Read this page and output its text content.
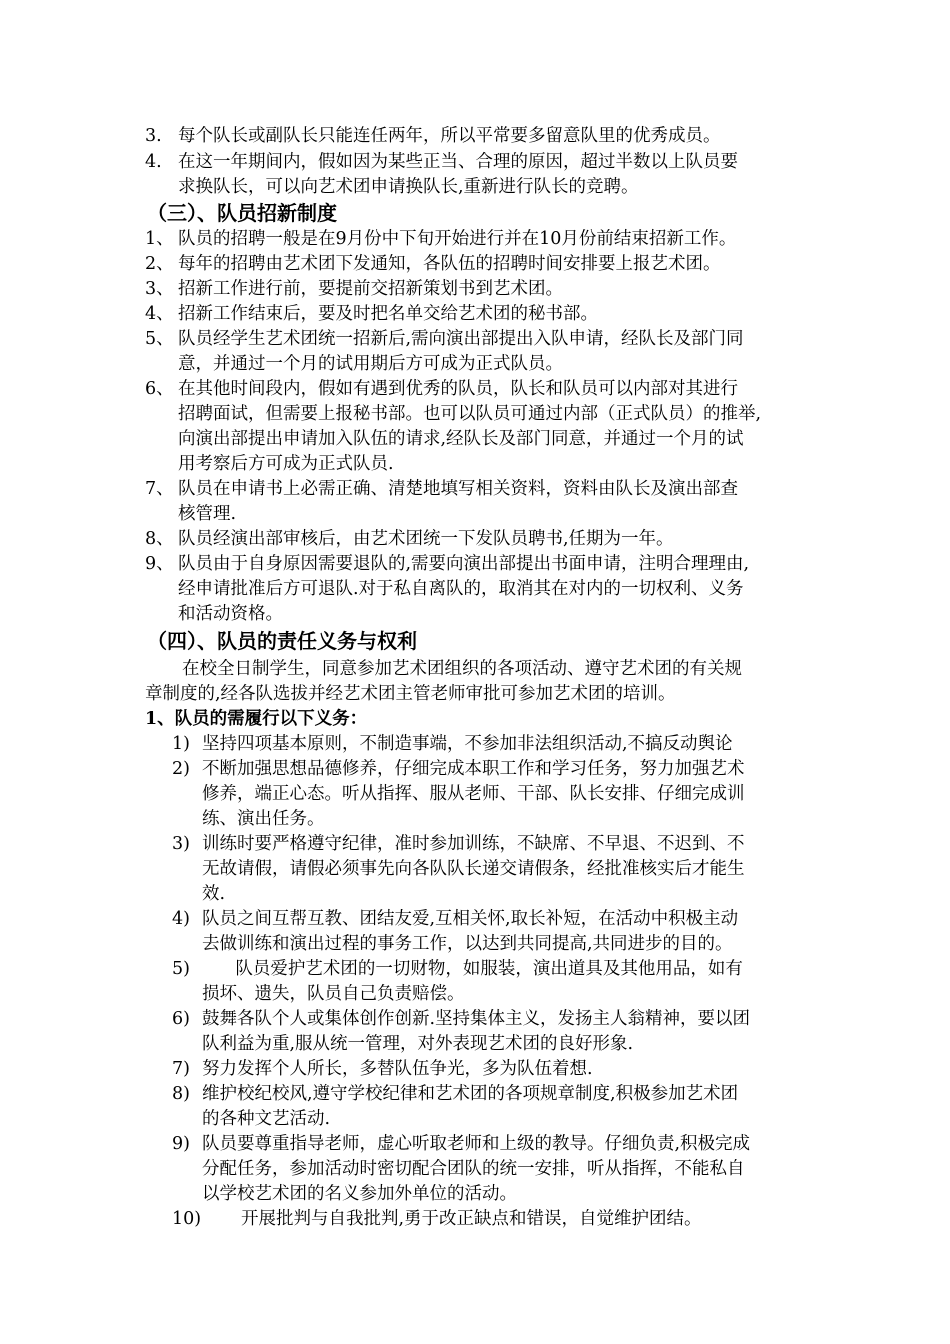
3. 每个队长或副队长只能连任两年，所以平常要多留意队里的优秀成员。
4. 在这一年期间内，假如因为某些正当、合理的原因，超过半数以上队员要
求换队长，可以向艺术团申请换队长,重新进行队长的竞聘。
（三）、队员招新制度
1、 队员的招聘一般是在9月份中下旬开始进行并在10月份前结束招新工作。
2、 每年的招聘由艺术团下发通知，各队伍的招聘时间安排要上报艺术团。
3、 招新工作进行前，要提前交招新策划书到艺术团。
4、 招新工作结束后，要及时把名单交给艺术团的秘书部。
5、 队员经学生艺术团统一招新后,需向演出部提出入队申请，经队长及部门同
意，并通过一个月的试用期后方可成为正式队员。
6、 在其他时间段内，假如有遇到优秀的队员，队长和队员可以内部对其进行
招聘面试，但需要上报秘书部。也可以队员可通过内部（正式队员）的推举,
向演出部提出申请加入队伍的请求,经队长及部门同意，并通过一个月的试
用考察后方可成为正式队员.
7、 队员在申请书上必需正确、清楚地填写相关资料，资料由队长及演出部查
核管理.
8、 队员经演出部审核后，由艺术团统一下发队员聘书,任期为一年。
9、 队员由于自身原因需要退队的,需要向演出部提出书面申请，注明合理理由,
经申请批准后方可退队.对于私自离队的，取消其在对内的一切权利、义务
和活动资格。
（四）、队员的责任义务与权利
在校全日制学生，同意参加艺术团组织的各项活动、遵守艺术团的有关规
章制度的,经各队选拔并经艺术团主管老师审批可参加艺术团的培训。
1、队员的需履行以下义务：
1) 坚持四项基本原则，不制造事端，不参加非法组织活动,不搞反动舆论
2) 不断加强思想品德修养，仔细完成本职工作和学习任务，努力加强艺术
修养，端正心态。听从指挥、服从老师、干部、队长安排、仔细完成训
练、演出任务。
3) 训练时要严格遵守纪律，准时参加训练，不缺席、不早退、不迟到、不
无故请假，请假必须事先向各队队长递交请假条，经批准核实后才能生
效.
4) 队员之间互帮互教、团结友爱,互相关怀,取长补短，在活动中积极主动
去做训练和演出过程的事务工作，以达到共同提高,共同进步的目的。
5)      队员爱护艺术团的一切财物，如服装，演出道具及其他用品，如有
损坏、遗失，队员自己负责赔偿。
6) 鼓舞各队个人或集体创作创新.坚持集体主义，发扬主人翁精神，要以团
队利益为重,服从统一管理，对外表现艺术团的良好形象.
7) 努力发挥个人所长，多替队伍争光，多为队伍着想.
8) 维护校纪校风,遵守学校纪律和艺术团的各项规章制度,积极参加艺术团
的各种文艺活动.
9) 队员要尊重指导老师，虚心听取老师和上级的教导。仔细负责,积极完成
分配任务，参加活动时密切配合团队的统一安排，听从指挥，不能私自
以学校艺术团的名义参加外单位的活动。
10)       开展批判与自我批判,勇于改正缺点和错误，自觉维护团结。
